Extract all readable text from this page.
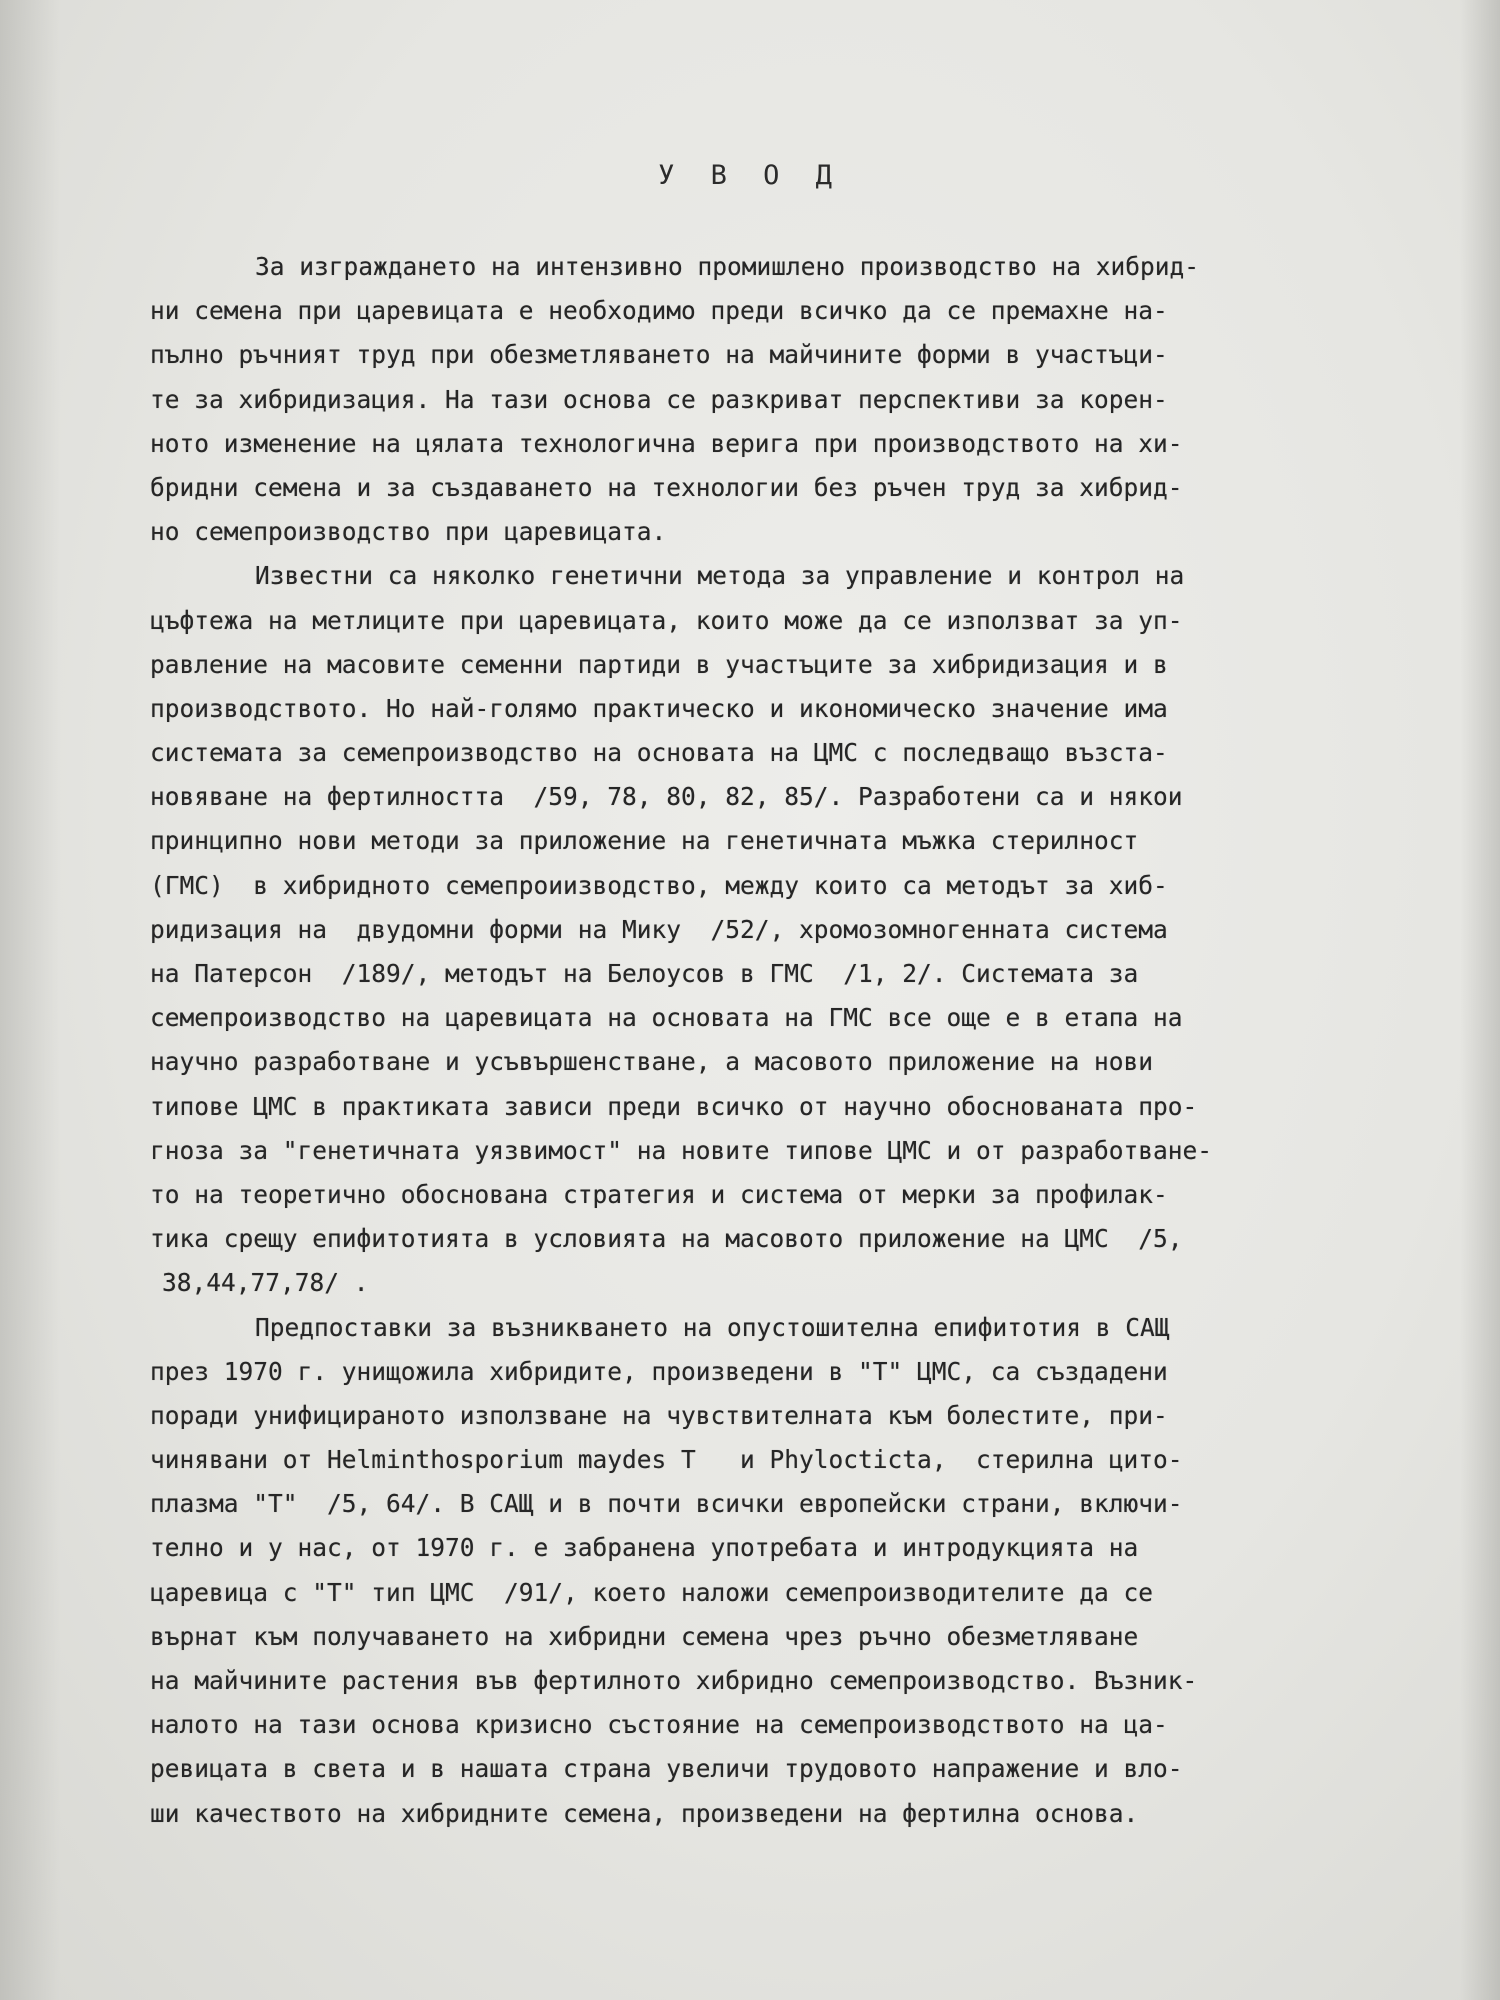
У В О Д
За изграждането на интензивно промишлено производство на хибрид-
ни семена при царевицата е необходимо преди всичко да се премахне на-
пълно ръчният труд при обезметляването на майчините форми в участъци-
те за хибридизация. На тази основа се разкриват перспективи за корен-
ното изменение на цялата технологична верига при производството на хи-
бридни семена и за създаването на технологии без ръчен труд за хибрид-
но семепроизводство при царевицата.
Известни са няколко генетични метода за управление и контрол на
цъфтежа на метлиците при царевицата, които може да се използват за уп-
равление на масовите семенни партиди в участъците за хибридизация и в
производството. Но най-голямо практическо и икономическо значение има
системата за семепроизводство на основата на ЦМС с последващо възста-
новяване на фертилността  /59, 78, 80, 82, 85/. Разработени са и някои
принципно нови методи за приложение на генетичната мъжка стерилност
(ГМС)  в хибридното семепроиизводство, между които са методът за хиб-
ридизация на  двудомни форми на Мику  /52/, хромозомногенната система
на Патерсон  /189/, методът на Белоусов в ГМС  /1, 2/. Системата за
семепроизводство на царевицата на основата на ГМС все още е в етапа на
научно разработване и усъвършенстване, а масовото приложение на нови
типове ЦМС в практиката зависи преди всичко от научно обоснованата про-
гноза за "генетичната уязвимост" на новите типове ЦМС и от разработване-
то на теоретично обоснована стратегия и система от мерки за профилак-
тика срещу епифитотията в условията на масовото приложение на ЦМС  /5,
38,44,77,78/ .
Предпоставки за възникването на опустошителна епифитотия в САЩ
през 1970 г. унищожила хибридите, произведени в "Т" ЦМС, са създадени
поради унифицираното използване на чувствителната към болестите, при-
чинявани от Helminthosporium maydes Т   и Phylocticta,  стерилна цито-
плазма "Т"  /5, 64/. В САЩ и в почти всички европейски страни, включи-
телно и у нас, от 1970 г. е забранена употребата и интродукцията на
царевица с "Т" тип ЦМС  /91/, което наложи семепроизводителите да се
върнат към получаването на хибридни семена чрез ръчно обезметляване
на майчините растения във фертилното хибридно семепроизводство. Възник-
налото на тази основа кризисно състояние на семепроизводството на ца-
ревицата в света и в нашата страна увеличи трудовото напражение и вло-
ши качеството на хибридните семена, произведени на фертилна основа.
